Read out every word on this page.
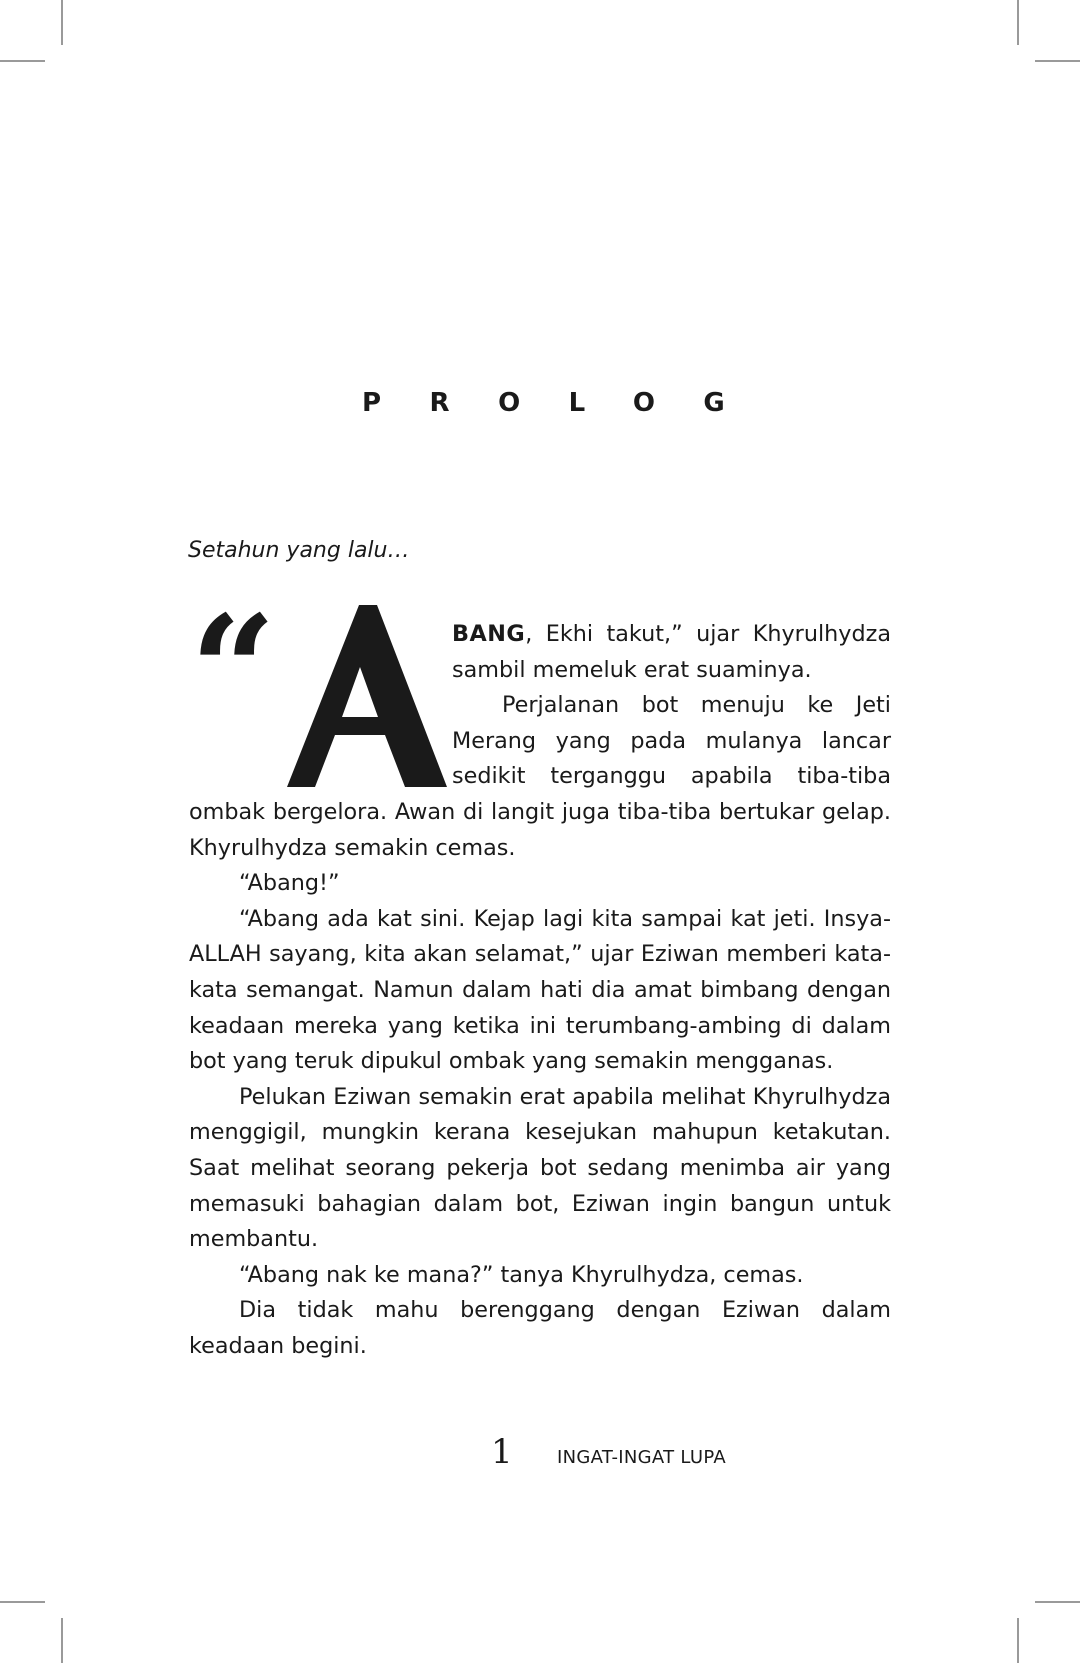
PROLOG

Setahun yang lalu…

“	BANG, Ekhi takut,” ujar Khyrulhydza sambil memeluk erat suaminya.

Perjalanan bot menuju ke Jeti Merang yang pada mulanya lancar sedikit terganggu apabila tiba-tiba ombak bergelora. Awan di langit juga tiba-tiba bertukar gelap. Khyrulhydza semakin cemas.

“Abang!”

“Abang ada kat sini. Kejap lagi kita sampai kat jeti. Insya-ALLAH sayang, kita akan selamat,” ujar Eziwan memberi kata-kata semangat. Namun dalam hati dia amat bimbang dengan keadaan mereka yang ketika ini terumbang-ambing di dalam bot yang teruk dipukul ombak yang semakin mengganas.

Pelukan Eziwan semakin erat apabila melihat Khyrulhydza menggigil, mungkin kerana kesejukan mahupun ketakutan. Saat melihat seorang pekerja bot sedang menimba air yang memasuki bahagian dalam bot, Eziwan ingin bangun untuk membantu.

“Abang nak ke mana?” tanya Khyrulhydza, cemas.

Dia tidak mahu berenggang dengan Eziwan dalam keadaan begini.

1 INGAT-INGAT LUPA
